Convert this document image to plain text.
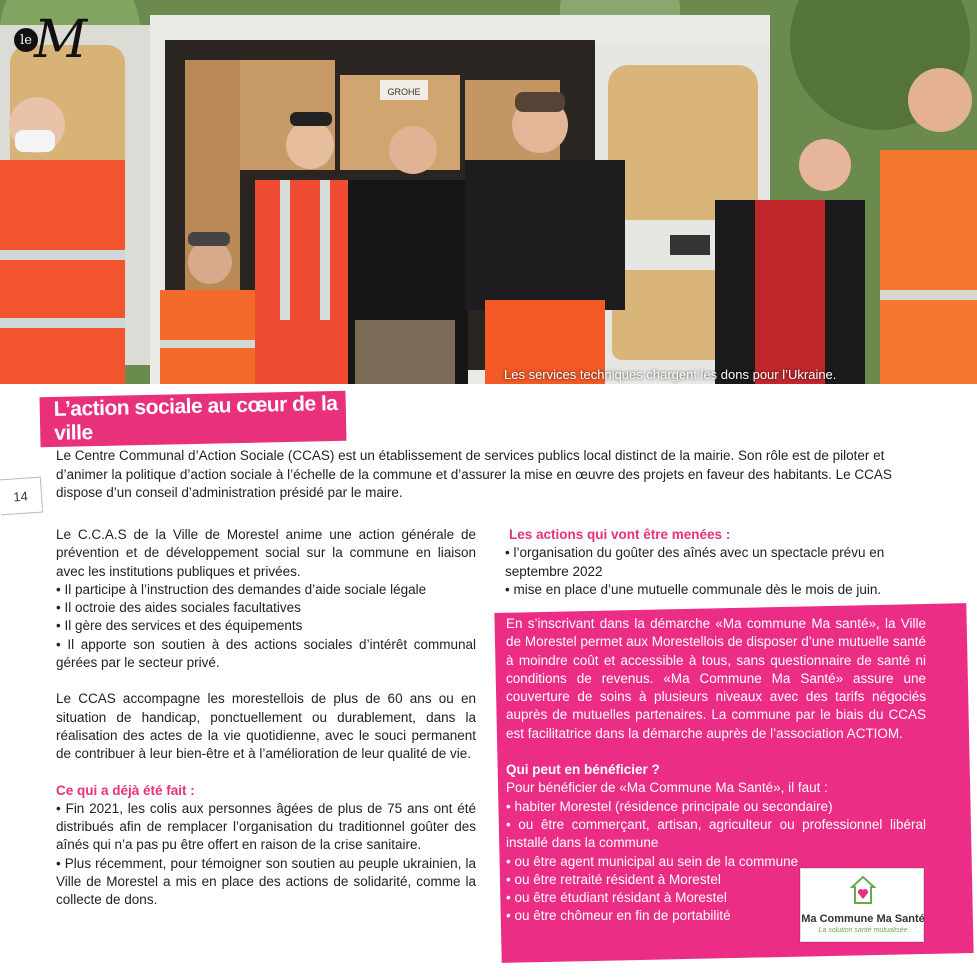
GROHE
le M
Les services techniques chargent les dons pour l’Ukraine.
L’action sociale au cœur de la ville
14

Le Centre Communal d’Action Sociale (CCAS) est un établissement de services publics local distinct de la mairie. Son rôle est de piloter et d’animer la politique d’action sociale à l’échelle de la commune et d’assurer la mise en œuvre des projets en faveur des habitants. Le CCAS dispose d’un conseil d’administration présidé par le maire.

Le C.C.A.S de la Ville de Morestel anime une action générale de prévention et de développement social sur la commune en liaison avec les institutions publiques et privées.

• Il participe à l’instruction des demandes d’aide sociale légale

• Il octroie des aides sociales facultatives

• Il gère des services et des équipements

• Il apporte son soutien à des actions sociales d’intérêt communal gérées par le secteur privé.

Le CCAS accompagne les morestellois de plus de 60 ans ou en situation de handicap, ponctuellement ou durablement, dans la réalisation des actes de la vie quotidienne, avec le souci permanent de contribuer à leur bien-être et à l’amélioration de leur qualité de vie.

Ce qui a déjà été fait :

• Fin 2021, les colis aux personnes âgées de plus de 75 ans ont été distribués afin de remplacer l’organisation du traditionnel goûter des aînés qui n’a pas pu être offert en raison de la crise sanitaire.

• Plus récemment, pour témoigner son soutien au peuple ukrainien, la Ville de Morestel a mis en place des actions de solidarité, comme la collecte de dons.

Les actions qui vont être menées :

• l’organisation du goûter des aînés avec un spectacle prévu en septembre 2022

• mise en place d’une mutuelle communale dès le mois de juin.

En s’inscrivant dans la démarche «Ma commune Ma santé», la Ville de Morestel permet aux Morestellois de disposer d’une mutuelle santé à moindre coût et accessible à tous, sans questionnaire de santé ni conditions de revenus. «Ma Commune Ma Santé» assure une couverture de soins à plusieurs niveaux avec des tarifs négociés auprès de mutuelles partenaires. La commune par le biais du CCAS est facilitatrice dans la démarche auprès de l’association ACTIOM.

Qui peut en bénéficier ?

Pour bénéficier de «Ma Commune Ma Santé», il faut :

• habiter Morestel (résidence principale ou secondaire)

• ou être commerçant, artisan, agriculteur ou professionnel libéral installé dans la commune

• ou être agent municipal au sein de la commune

• ou être retraité résident à Morestel

• ou être étudiant résidant à Morestel

• ou être chômeur en fin de portabilité	Ma Commune Ma Santé
La solution santé mutualisée
